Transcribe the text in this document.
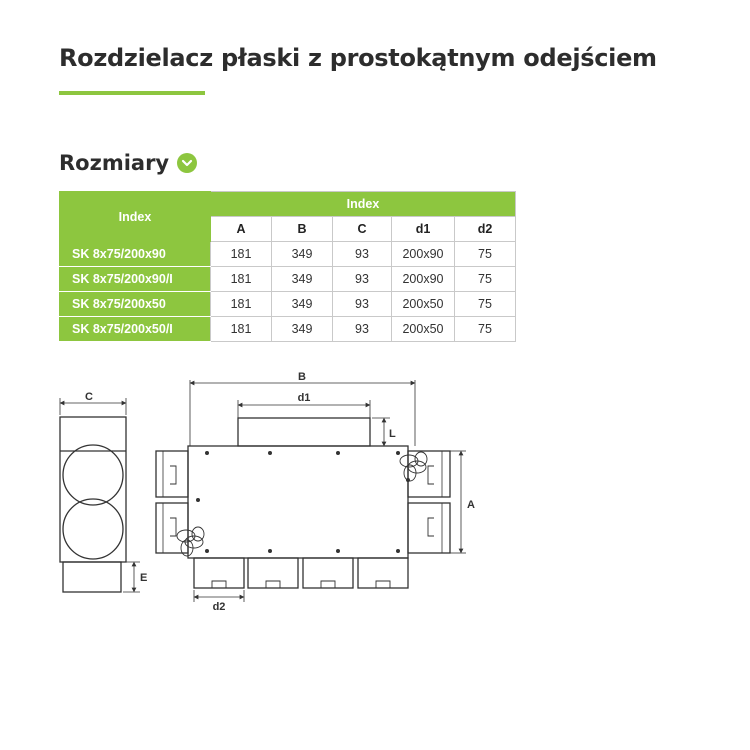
Rozdzielacz płaski z prostokątnym odejściem
Rozmiary
Index	Index				
	A	B	C	d1	d2
SK 8x75/200x90	181	349	93	200x90	75
SK 8x75/200x90/I	181	349	93	200x90	75
SK 8x75/200x50	181	349	93	200x50	75
SK 8x75/200x50/I	181	349	93	200x50	75
C
E
B
d1
L
A
d2
